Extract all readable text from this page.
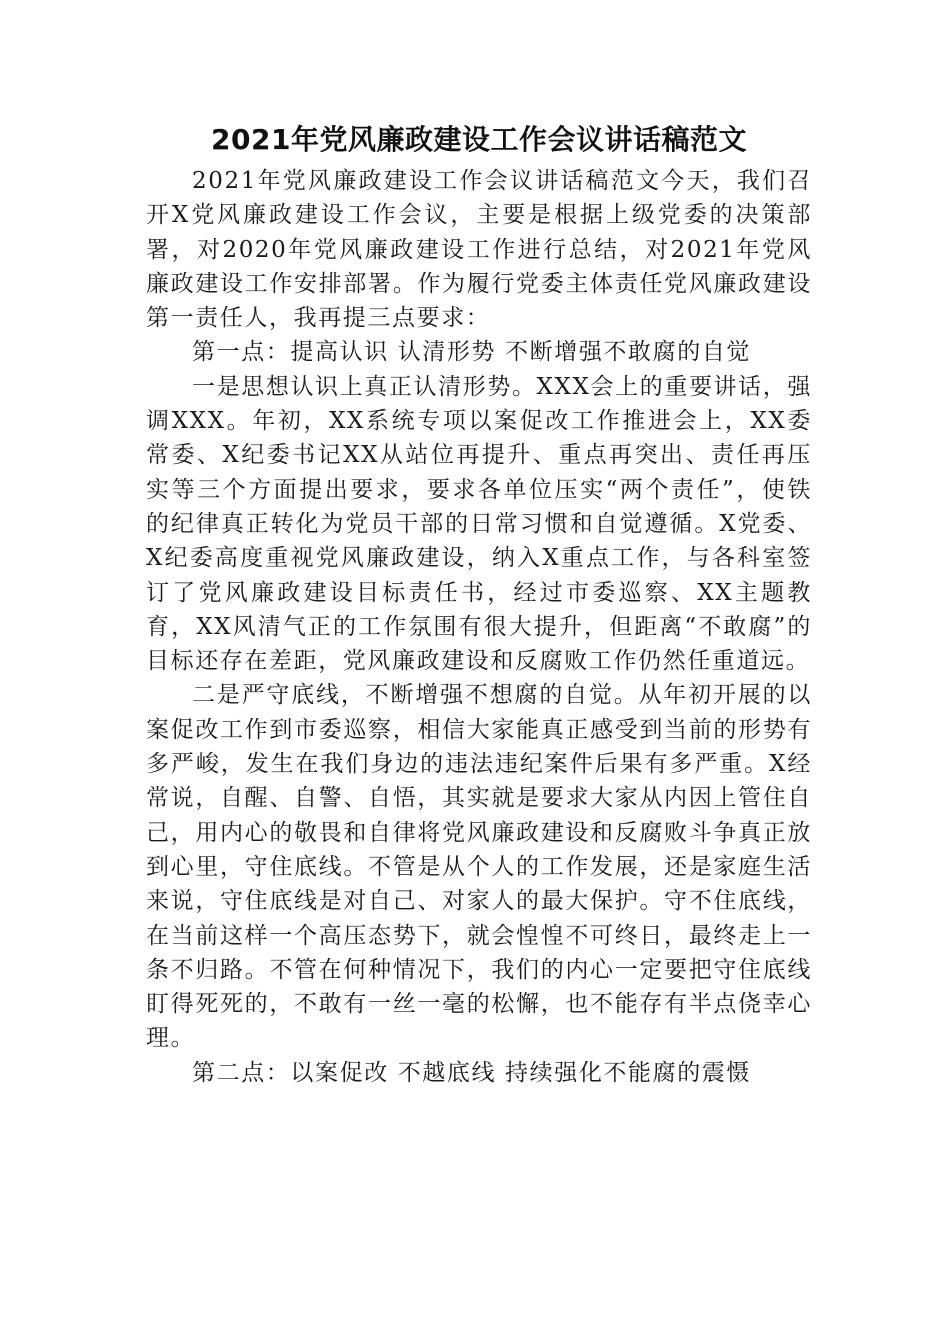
2021年党风廉政建设工作会议讲话稿范文

2021年党风廉政建设工作会议讲话稿范文今天，我们召开X党风廉政建设工作会议，主要是根据上级党委的决策部署，对2020年党风廉政建设工作进行总结，对2021年党风廉政建设工作安排部署。作为履行党委主体责任党风廉政建设第一责任人，我再提三点要求：

第一点：提高认识 认清形势 不断增强不敢腐的自觉

一是思想认识上真正认清形势。XXX会上的重要讲话，强调XXX。年初，XX系统专项以案促改工作推进会上，XX委常委、X纪委书记XX从站位再提升、重点再突出、责任再压实等三个方面提出要求，要求各单位压实“两个责任”，使铁的纪律真正转化为党员干部的日常习惯和自觉遵循。X党委、X纪委高度重视党风廉政建设，纳入X重点工作，与各科室签订了党风廉政建设目标责任书，经过市委巡察、XX主题教育，XX风清气正的工作氛围有很大提升，但距离“不敢腐”的目标还存在差距，党风廉政建设和反腐败工作仍然任重道远。

二是严守底线，不断增强不想腐的自觉。从年初开展的以案促改工作到市委巡察，相信大家能真正感受到当前的形势有多严峻，发生在我们身边的违法违纪案件后果有多严重。X经常说，自醒、自警、自悟，其实就是要求大家从内因上管住自己，用内心的敬畏和自律将党风廉政建设和反腐败斗争真正放到心里，守住底线。不管是从个人的工作发展，还是家庭生活来说，守住底线是对自己、对家人的最大保护。守不住底线，在当前这样一个高压态势下，就会惶惶不可终日，最终走上一条不归路。不管在何种情况下，我们的内心一定要把守住底线盯得死死的，不敢有一丝一毫的松懈，也不能存有半点侥幸心理。

第二点：以案促改 不越底线 持续强化不能腐的震慑
